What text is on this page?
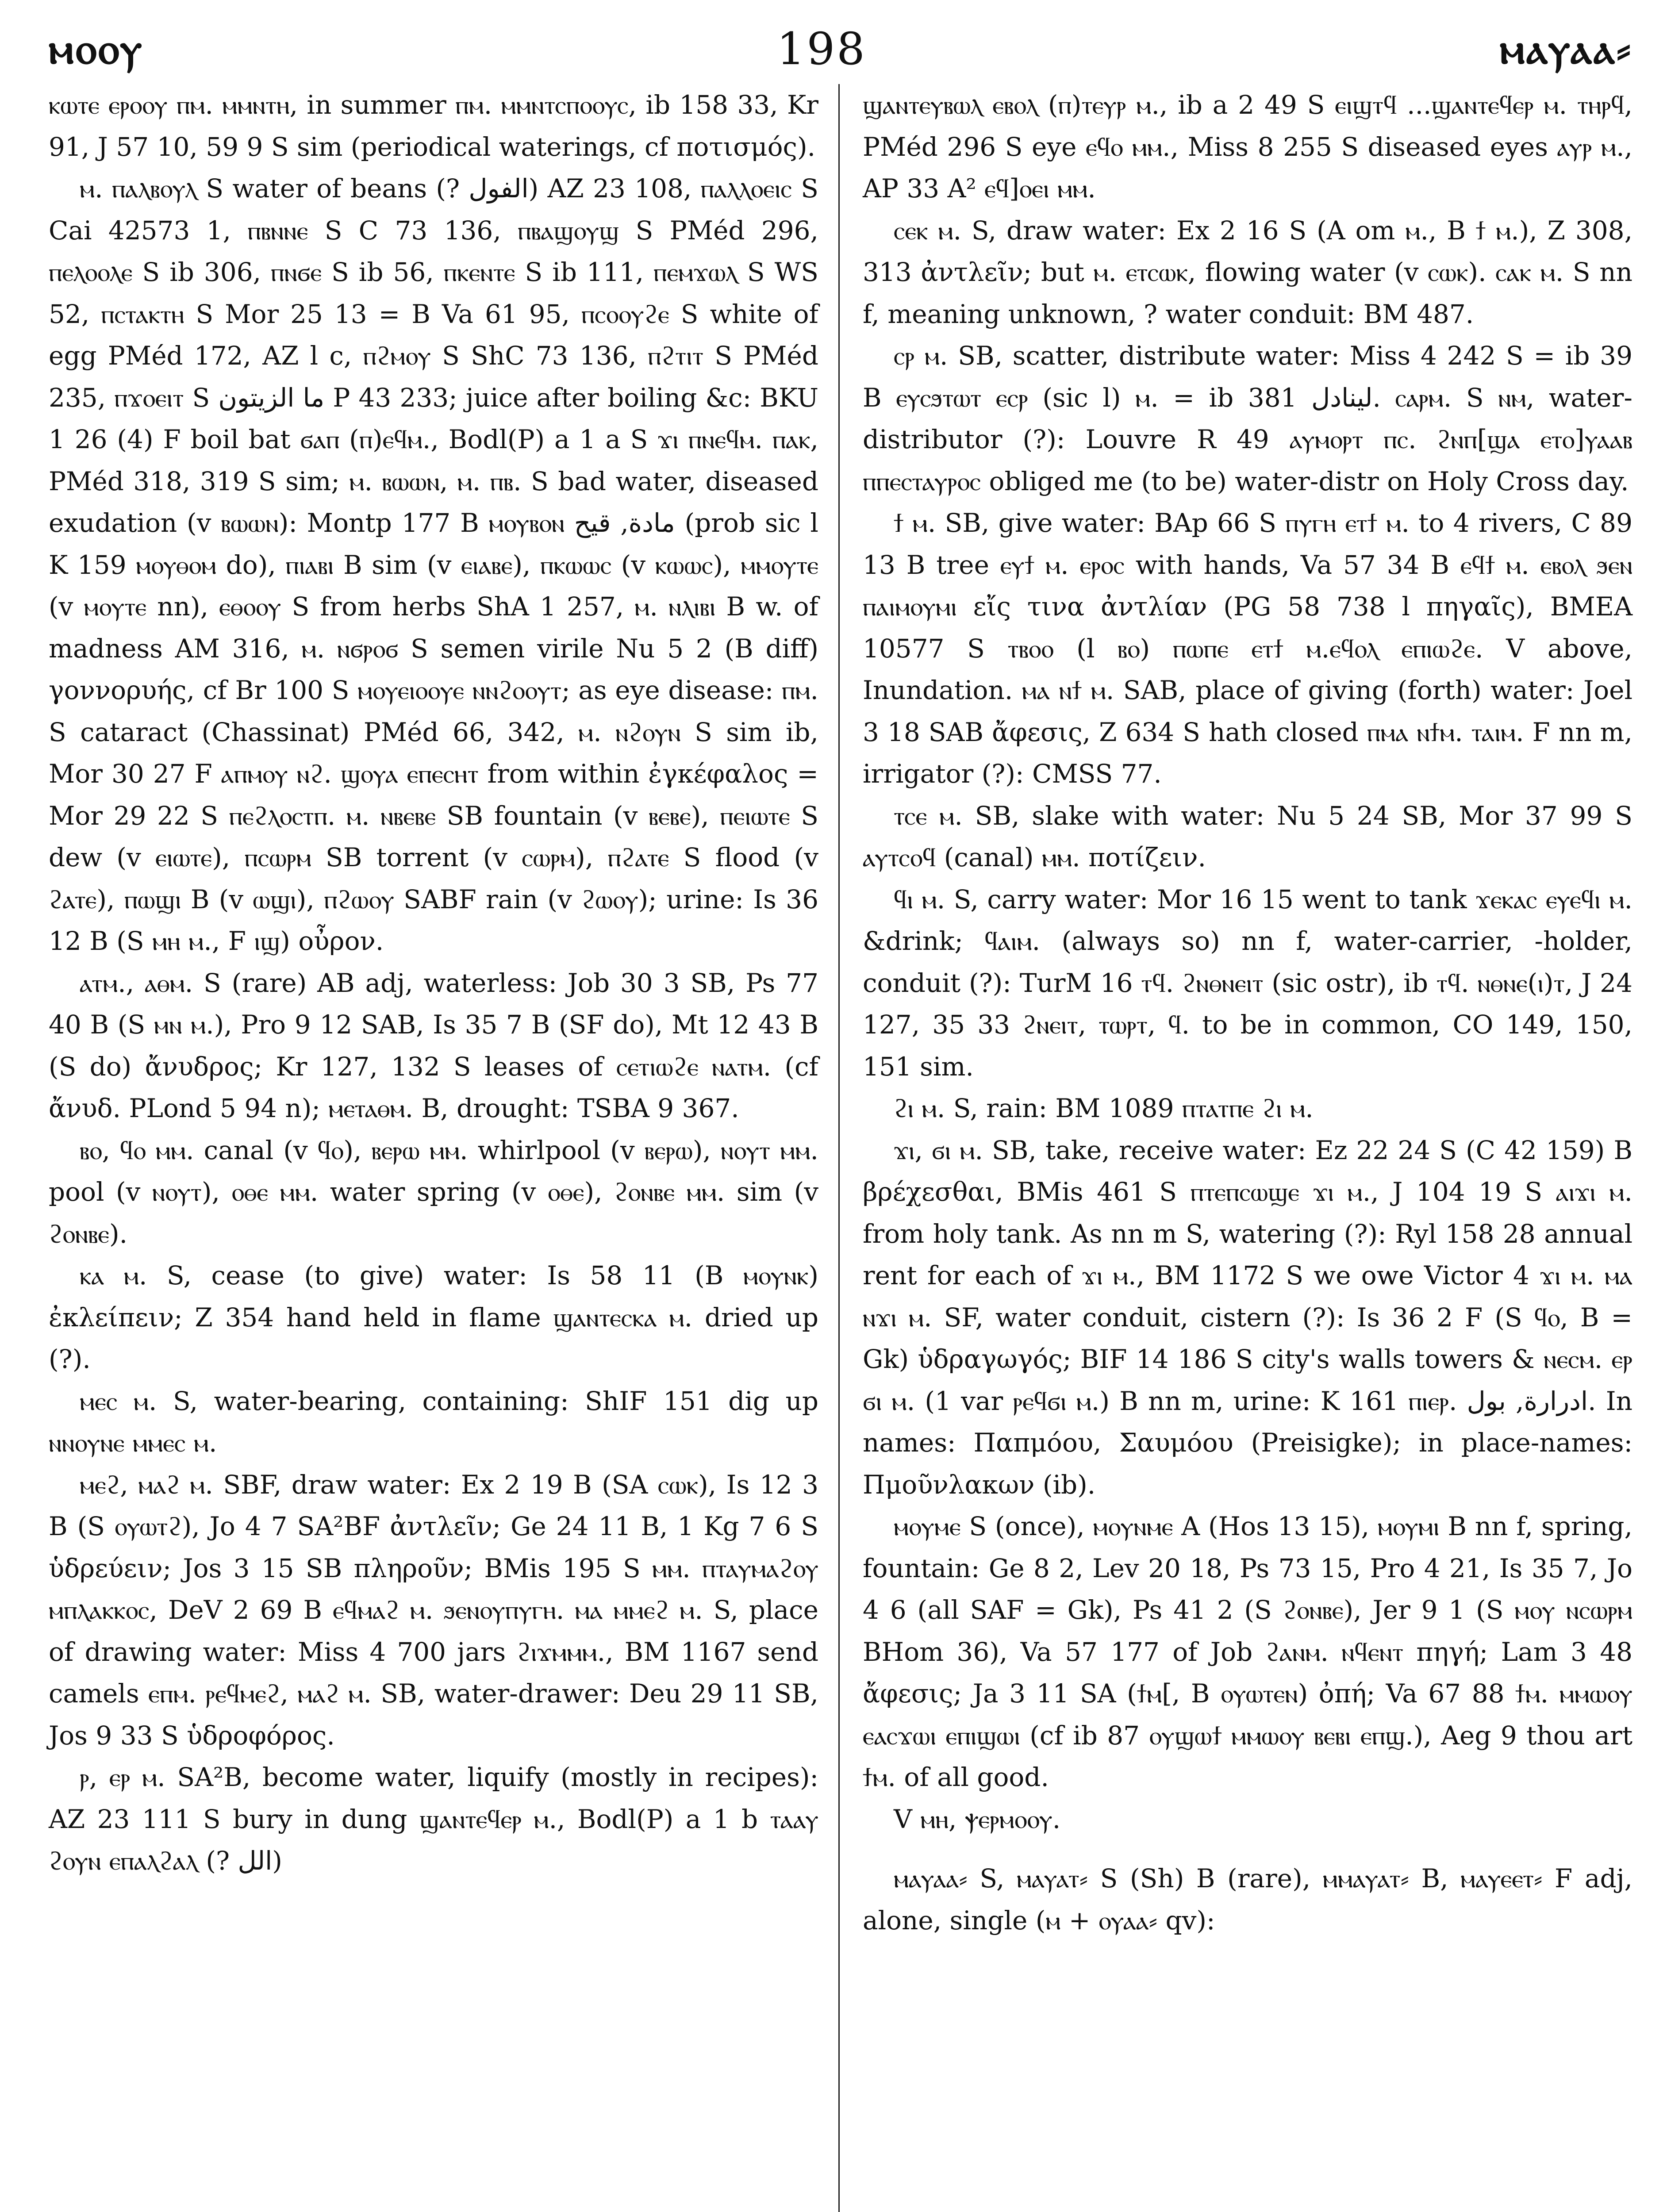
ⲙⲟⲟⲩ	198	ⲙⲁⲩⲁⲁ⸗

ⲕⲱⲧⲉ ⲉⲣⲟⲟⲩ ⲡⲙ. ⲙⲙⲛⲧⲏ, in summer ⲡⲙ. ⲙⲙⲛⲧⲥⲡⲟⲟⲩⲥ, ib 158 33, Kr 91, J 57 10, 59 9 S sim (periodical waterings, cf ποτισμός).

ⲙ. ⲡⲁⲗⲃⲟⲩⲗ S water of beans (? الفول) AZ 23 108, ⲡⲁⲗⲗⲟⲉⲓⲥ S Cai 42573 1, ⲡⲃⲛⲛⲉ S C 73 136, ⲡⲃⲁϣⲟⲩϣ S PMéd 296, ⲡⲉⲗⲟⲟⲗⲉ S ib 306, ⲡⲛϭⲉ S ib 56, ⲡⲕⲉⲛⲧⲉ S ib 111, ⲡⲉⲙϫⲱⲗ S WS 52, ⲡⲥⲧⲁⲕⲧⲏ S Mor 25 13 = B Va 61 95, ⲡⲥⲟⲟⲩϩⲉ S white of egg PMéd 172, AZ l c, ⲡϩⲙⲟⲩ S ShC 73 136, ⲡϩⲧⲓⲧ S PMéd 235, ⲡϫⲟⲉⲓⲧ S ما الزيتون P 43 233; juice after boiling &c: BKU 1 26 (4) F boil bat ϭⲁⲡ (ⲡ)ⲉϥⲙ., Bodl(P) a 1 a S ϫⲓ ⲡⲛⲉϥⲙ. ⲡⲁⲕ, PMéd 318, 319 S sim; ⲙ. ⲃⲱⲱⲛ, ⲙ. ⲡⲃ. S bad water, diseased exudation (v ⲃⲱⲱⲛ): Montp 177 B ⲙⲟⲩⲃⲟⲛ مادة, قيح (prob sic l K 159 ⲙⲟⲩⲑⲟⲙ do), ⲡⲓⲁⲃⲓ B sim (v ⲉⲓⲁⲃⲉ), ⲡⲕⲱⲱⲥ (v ⲕⲱⲱⲥ), ⲙⲙⲟⲩⲧⲉ (v ⲙⲟⲩⲧⲉ nn), ⲉⲑⲟⲟⲩ S from herbs ShA 1 257, ⲙ. ⲛⲗⲓⲃⲓ B w. of madness AM 316, ⲙ. ⲛϭⲣⲟϭ S semen virile Nu 5 2 (B diff) γοννορυής, cf Br 100 S ⲙⲟⲩⲉⲓⲟⲟⲩⲉ ⲛⲛϩⲟⲟⲩⲧ; as eye disease: ⲡⲙ. S cataract (Chassinat) PMéd 66, 342, ⲙ. ⲛϩⲟⲩⲛ S sim ib, Mor 30 27 F ⲁⲡⲙⲟⲩ ⲛϩ. ϣⲟⲩⲁ ⲉⲡⲉⲥⲏⲧ from within ἐγκέφαλος = Mor 29 22 S ⲡⲉϩⲗⲟⲥⲧⲡ. ⲙ. ⲛⲃⲉⲃⲉ SB fountain (v ⲃⲉⲃⲉ), ⲡⲉⲓⲱⲧⲉ S dew (v ⲉⲓⲱⲧⲉ), ⲡⲥⲱⲣⲙ SB torrent (v ⲥⲱⲣⲙ), ⲡϩⲁⲧⲉ S flood (v ϩⲁⲧⲉ), ⲡⲱϣⲓ B (v ⲱϣⲓ), ⲡϩⲱⲟⲩ SABF rain (v ϩⲱⲟⲩ); urine: Is 36 12 B (S ⲙⲏ ⲙ., F ⲓϣ) οὖρον.

ⲁⲧⲙ., ⲁⲑⲙ. S (rare) AB adj, waterless: Job 30 3 SB, Ps 77 40 B (S ⲙⲛ ⲙ.), Pro 9 12 SAB, Is 35 7 B (SF do), Mt 12 43 B (S do) ἄνυδρος; Kr 127, 132 S leases of ⲥⲉⲧⲓⲱϩⲉ ⲛⲁⲧⲙ. (cf ἄνυδ. PLond 5 94 n); ⲙⲉⲧⲁⲑⲙ. B, drought: TSBA 9 367.

ⲃⲟ, ϥⲟ ⲙⲙ. canal (v ϥⲟ), ⲃⲉⲣⲱ ⲙⲙ. whirlpool (v ⲃⲉⲣⲱ), ⲛⲟⲩⲧ ⲙⲙ. pool (v ⲛⲟⲩⲧ), ⲟⲑⲉ ⲙⲙ. water spring (v ⲟⲑⲉ), ϩⲟⲛⲃⲉ ⲙⲙ. sim (v ϩⲟⲛⲃⲉ).

ⲕⲁ ⲙ. S, cease (to give) water: Is 58 11 (B ⲙⲟⲩⲛⲕ) ἐκλείπειν; Z 354 hand held in flame ϣⲁⲛⲧⲉⲥⲕⲁ ⲙ. dried up (?).

ⲙⲉⲥ ⲙ. S, water-bearing, containing: ShIF 151 dig up ⲛⲛⲟⲩⲛⲉ ⲙⲙⲉⲥ ⲙ.

ⲙⲉϩ, ⲙⲁϩ ⲙ. SBF, draw water: Ex 2 19 B (SA ⲥⲱⲕ), Is 12 3 B (S ⲟⲩⲱⲧϩ), Jo 4 7 SA²BF ἀντλεῖν; Ge 24 11 B, 1 Kg 7 6 S ὑδρεύειν; Jos 3 15 SB πληροῦν; BMis 195 S ⲙⲙ. ⲡⲧⲁⲩⲙⲁϩⲟⲩ ⲙⲡⲗⲁⲕⲕⲟⲥ, DeV 2 69 B ⲉϥⲙⲁϩ ⲙ. ϧⲉⲛⲟⲩⲡⲩⲅⲏ. ⲙⲁ ⲙⲙⲉϩ ⲙ. S, place of drawing water: Miss 4 700 jars ϩⲓϫⲙⲙⲙ., BM 1167 send camels ⲉⲡⲙ. ⲣⲉϥⲙⲉϩ, ⲙⲁϩ ⲙ. SB, water-drawer: Deu 29 11 SB, Jos 9 33 S ὑδροφόρος.

ⲣ, ⲉⲣ ⲙ. SA²B, become water, liquify (mostly in recipes): AZ 23 111 S bury in dung ϣⲁⲛⲧⲉϥⲉⲣ ⲙ., Bodl(P) a 1 b ⲧⲁⲁⲩ ϩⲟⲩⲛ ⲉⲡⲁⲗϩⲁⲗ (? الل)

ϣⲁⲛⲧⲉⲩⲃⲱⲗ ⲉⲃⲟⲗ (ⲡ)ⲧⲉⲩⲣ ⲙ., ib a 2 49 S ⲉⲓϣⲧϥ ...ϣⲁⲛⲧⲉϥⲉⲣ ⲙ. ⲧⲏⲣϥ, PMéd 296 S eye ⲉϥⲟ ⲙⲙ., Miss 8 255 S diseased eyes ⲁⲩⲣ ⲙ., AP 33 A² ⲉϥ]ⲟⲉⲓ ⲙⲙ.

ⲥⲉⲕ ⲙ. S, draw water: Ex 2 16 S (A om ⲙ., B ϯ ⲙ.), Z 308, 313 ἀντλεῖν; but ⲙ. ⲉⲧⲥⲱⲕ, flowing water (v ⲥⲱⲕ). ⲥⲁⲕ ⲙ. S nn f, meaning unknown, ? water conduit: BM 487.

ⲥⲣ ⲙ. SB, scatter, distribute water: Miss 4 242 S = ib 39 B ⲉⲩⲥϧⲧⲱⲧ ⲉⲥⲣ (sic l) ⲙ. = ib 381 لينادل. ⲥⲁⲣⲙ. S ⲛⲙ, water-distributor (?): Louvre R 49 ⲁⲩⲙⲟⲣⲧ ⲡⲥ. ϩⲛⲡ[ϣⲁ ⲉⲧⲟ]ⲩⲁⲁⲃ ⲡⲡⲉⲥⲧⲁⲩⲣⲟⲥ obliged me (to be) water-distr on Holy Cross day.

ϯ ⲙ. SB, give water: BAp 66 S ⲡⲩⲅⲏ ⲉⲧϯ ⲙ. to 4 rivers, C 89 13 B tree ⲉⲩϯ ⲙ. ⲉⲣⲟⲥ with hands, Va 57 34 B ⲉϥϯ ⲙ. ⲉⲃⲟⲗ ϧⲉⲛ ⲡⲁⲓⲙⲟⲩⲙⲓ εἴς τινα ἀντλίαν (PG 58 738 l πηγαῖς), BMEA 10577 S ⲧⲃⲟⲟ (l ⲃⲟ) ⲡⲱⲡⲉ ⲉⲧϯ ⲙ.ⲉϥⲟⲗ ⲉⲡⲓⲱϩⲉ. V above, Inundation. ⲙⲁ ⲛϯ ⲙ. SAB, place of giving (forth) water: Joel 3 18 SAB ἄφεσις, Z 634 S hath closed ⲡⲙⲁ ⲛϯⲙ. ⲧⲁⲓⲙ. F nn m, irrigator (?): CMSS 77.

ⲧⲥⲉ ⲙ. SB, slake with water: Nu 5 24 SB, Mor 37 99 S ⲁⲩⲧⲥⲟϥ (canal) ⲙⲙ. ποτίζειν.

ϥⲓ ⲙ. S, carry water: Mor 16 15 went to tank ϫⲉⲕⲁⲥ ⲉⲩⲉϥⲓ ⲙ. &drink; ϥⲁⲓⲙ. (always so) nn f, water-carrier, -holder, conduit (?): TurM 16 ⲧϥ. ϩⲛⲑⲛⲉⲓⲧ (sic ostr), ib ⲧϥ. ⲛⲑⲛⲉ(ⲓ)ⲧ, J 24 127, 35 33 ϩⲛⲉⲓⲧ, ⲧⲱⲣⲧ, ϥ. to be in common, CO 149, 150, 151 sim.

ϩⲓ ⲙ. S, rain: BM 1089 ⲡⲧⲁⲧⲡⲉ ϩⲓ ⲙ.

ϫⲓ, ϭⲓ ⲙ. SB, take, receive water: Ez 22 24 S (C 42 159) B βρέχεσθαι, BMis 461 S ⲡⲧⲉⲡⲥⲱϣⲉ ϫⲓ ⲙ., J 104 19 S ⲁⲓϫⲓ ⲙ. from holy tank. As nn m S, watering (?): Ryl 158 28 annual rent for each of ϫⲓ ⲙ., BM 1172 S we owe Victor 4 ϫⲓ ⲙ. ⲙⲁ ⲛϫⲓ ⲙ. SF, water conduit, cistern (?): Is 36 2 F (S ϥⲟ, B = Gk) ὑδραγωγός; BIF 14 186 S city's walls towers & ⲛⲉⲥⲙ. ⲉⲣ ϭⲓ ⲙ. (1 var ⲣⲉϥϭⲓ ⲙ.) B nn m, urine: K 161 ⲡⲓⲉⲣ. ادرارة, بول. In names: Παπμόου, Σαυμόου (Preisigke); in place-names: Πμοῦνλακων (ib).

ⲙⲟⲩⲙⲉ S (once), ⲙⲟⲩⲛⲙⲉ A (Hos 13 15), ⲙⲟⲩⲙⲓ B nn f, spring, fountain: Ge 8 2, Lev 20 18, Ps 73 15, Pro 4 21, Is 35 7, Jo 4 6 (all SAF = Gk), Ps 41 2 (S ϩⲟⲛⲃⲉ), Jer 9 1 (S ⲙⲟⲩ ⲛⲥⲱⲣⲙ BHom 36), Va 57 177 of Job ϩⲁⲛⲙ. ⲛϥⲉⲛⲧ πηγή; Lam 3 48 ἄφεσις; Ja 3 11 SA (ϯⲙ[, B ⲟⲩⲱⲧⲉⲛ) ὀπή; Va 67 88 ϯⲙ. ⲙⲙⲱⲟⲩ ⲉⲁⲥϫⲱⲓ ⲉⲡⲓϣⲱⲓ (cf ib 87 ⲟⲩϣⲱϯ ⲙⲙⲱⲟⲩ ⲃⲉⲃⲓ ⲉⲡϣ.), Aeg 9 thou art ϯⲙ. of all good.

V ⲙⲏ, ⲯⲉⲣⲙⲟⲟⲩ.

ⲙⲁⲩⲁⲁ⸗ S, ⲙⲁⲩⲁⲧ⸗ S (Sh) B (rare), ⲙⲙⲁⲩⲁⲧ⸗ B, ⲙⲁⲩⲉⲉⲧ⸗ F adj, alone, single (ⲙ + ⲟⲩⲁⲁ⸗ qv):
